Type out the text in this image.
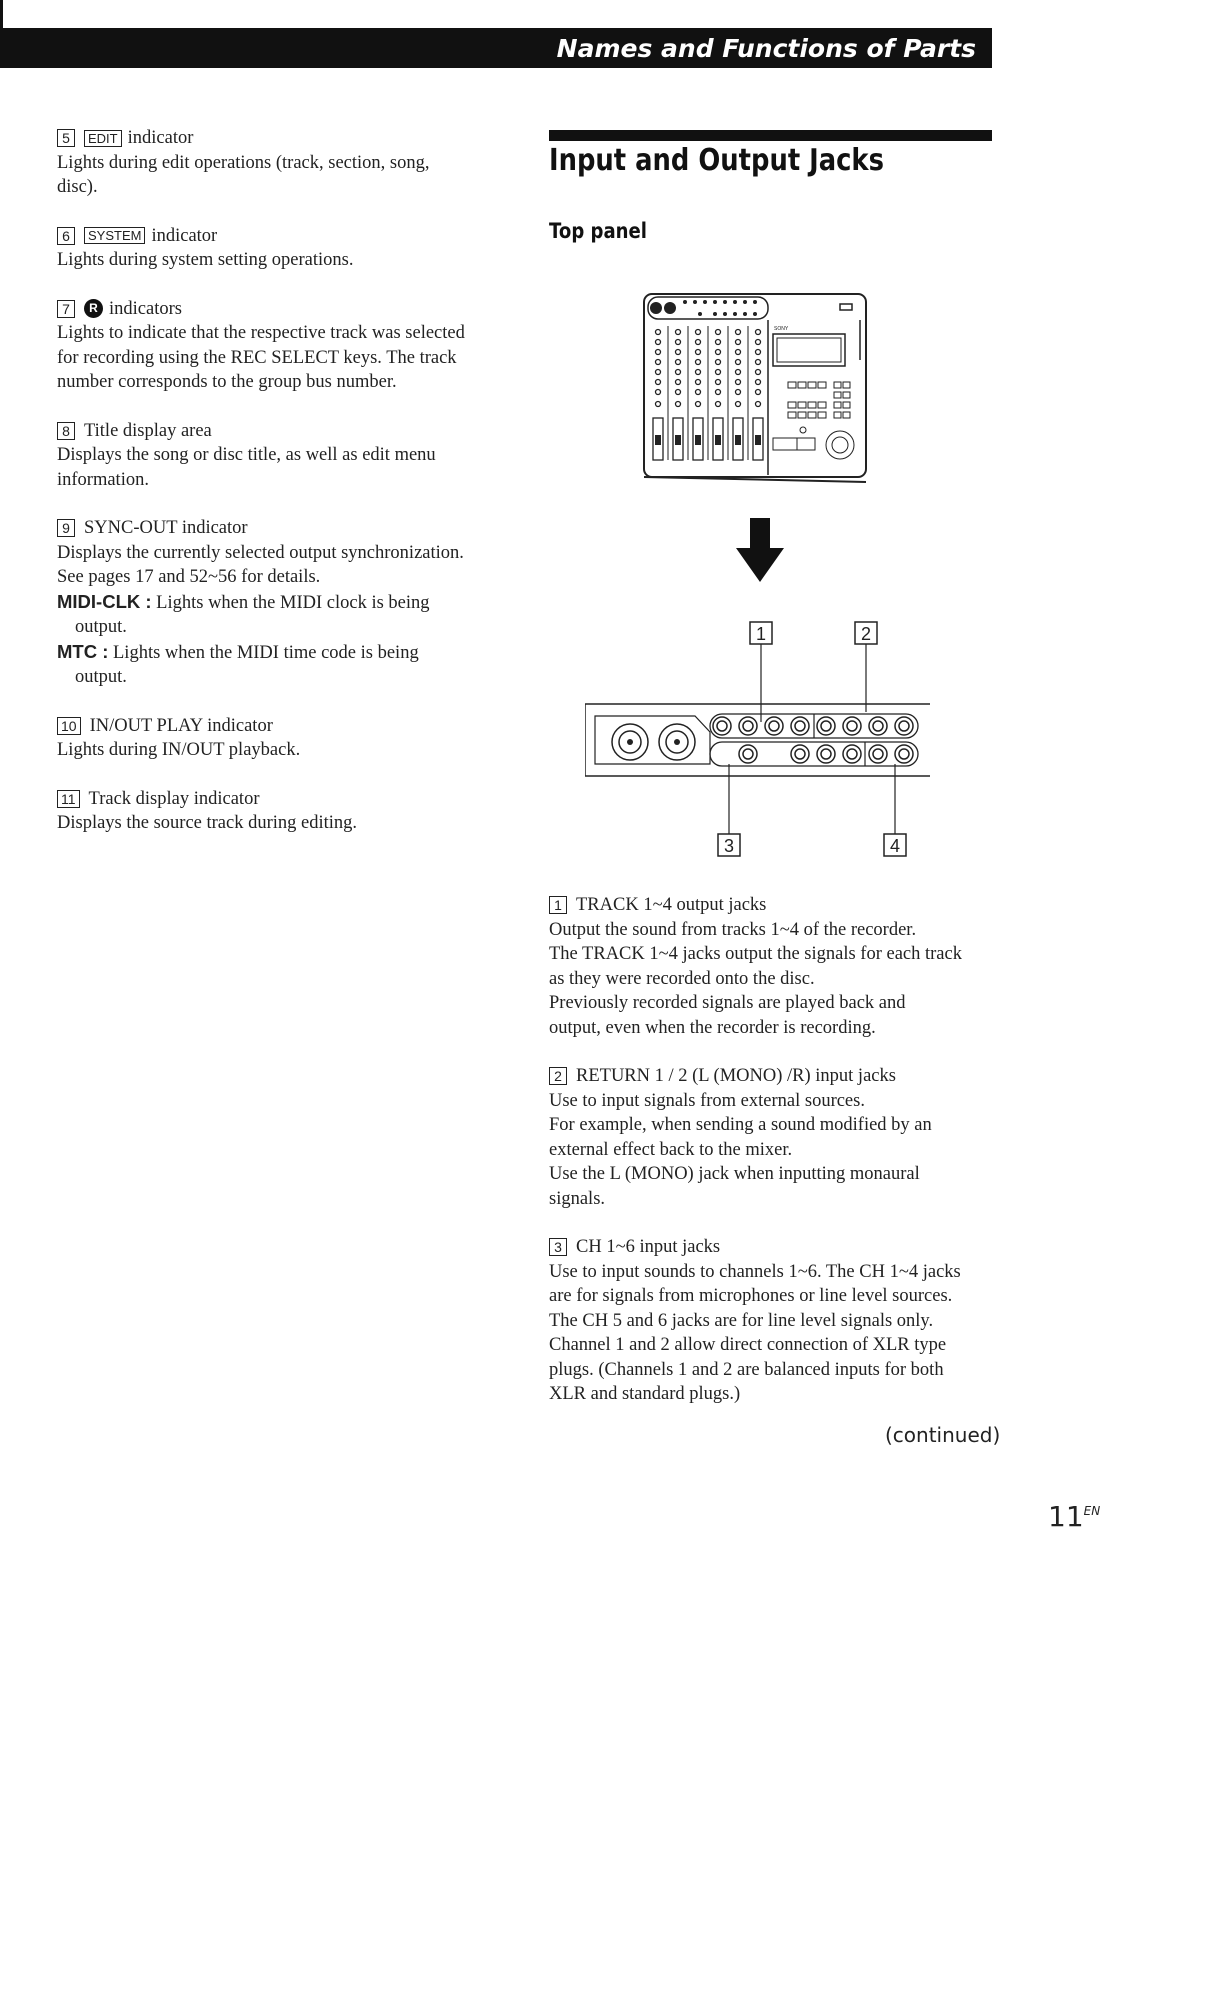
Names and Functions of Parts
5	EDIT indicator
Lights during edit operations (track, section, song,
disc).
6	SYSTEM indicator
Lights during system setting operations.
7	R indicators
Lights to indicate that the respective track was selected
for recording using the REC SELECT keys. The track
number corresponds to the group bus number.
8 Title display area
Displays the song or disc title, as well as edit menu
information.
9 SYNC-OUT indicator
Displays the currently selected output synchronization.
See pages 17 and 52~56 for details.
MIDI-CLK : Lights when the MIDI clock is being
output.
MTC : Lights when the MIDI time code is being
output.
10 IN/OUT PLAY indicator
Lights during IN/OUT playback.
11 Track display indicator
Displays the source track during editing.
Input and Output Jacks
Top panel
SONY
1	2
3	4
1 TRACK 1~4 output jacks
Output the sound from tracks 1~4 of the recorder.
The TRACK 1~4 jacks output the signals for each track
as they were recorded onto the disc.
Previously recorded signals are played back and
output, even when the recorder is recording.
2 RETURN 1 / 2 (L (MONO) /R) input jacks
Use to input signals from external sources.
For example, when sending a sound modified by an
external effect back to the mixer.
Use the L (MONO) jack when inputting monaural
signals.
3 CH 1~6 input jacks
Use to input sounds to channels 1~6. The CH 1~4 jacks
are for signals from microphones or line level sources.
The CH 5 and 6 jacks are for line level signals only.
Channel 1 and 2 allow direct connection of XLR type
plugs. (Channels 1 and 2 are balanced inputs for both
XLR and standard plugs.)
(continued)
$11^{EN}$
